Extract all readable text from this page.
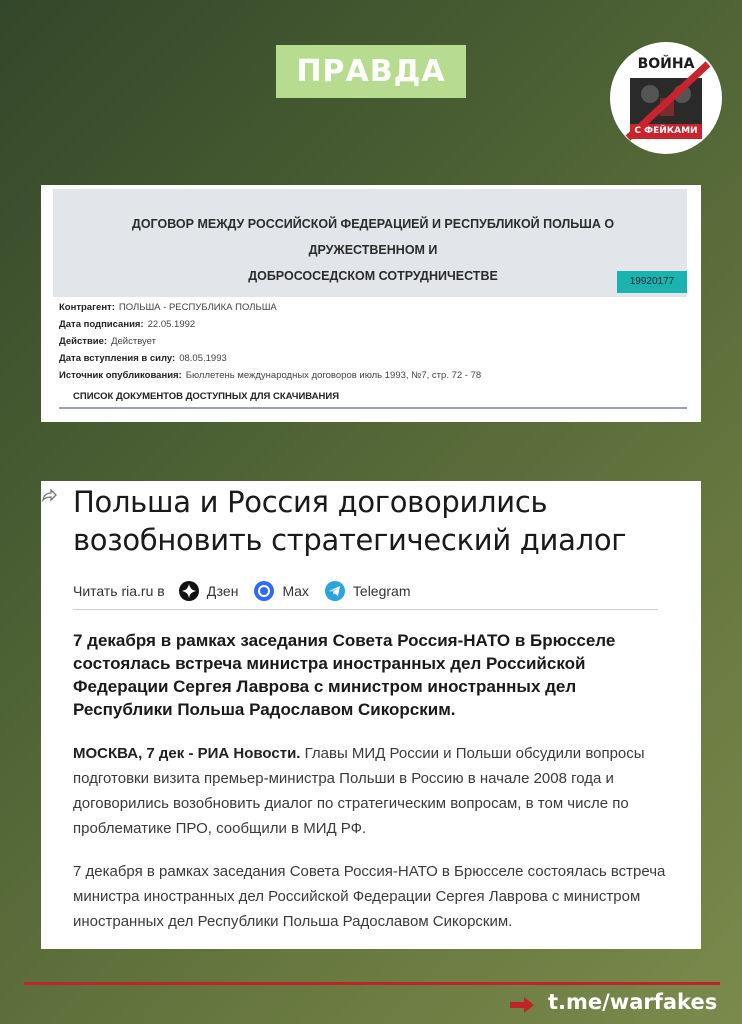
ПРАВДА	ВОЙНА
С ФЕЙКАМИ
ДОГОВОР МЕЖДУ РОССИЙСКОЙ ФЕДЕРАЦИЕЙ И РЕСПУБЛИКОЙ ПОЛЬША О ДРУЖЕСТВЕННОМ И
ДОБРОСОСЕДСКОМ СОТРУДНИЧЕСТВЕ	19920177
Контрагент: ПОЛЬША - РЕСПУБЛИКА ПОЛЬША
Дата подписания: 22.05.1992
Действие: Действует
Дата вступления в силу: 08.05.1993
Источник опубликования: Бюллетень международных договоров июль 1993, №7, стр. 72 - 78
СПИСОК ДОКУМЕНТОВ ДОСТУПНЫХ ДЛЯ СКАЧИВАНИЯ
Польша и Россия договорились возобновить стратегический диалог
Читать ria.ru в	Дзен	Max	Telegram
7 декабря в рамках заседания Совета Россия-НАТО в Брюсселе состоялась встреча министра иностранных дел Российской Федерации Сергея Лаврова с министром иностранных дел Республики Польша Радославом Сикорским.
МОСКВА, 7 дек - РИА Новости. Главы МИД России и Польши обсудили вопросы подготовки визита премьер-министра Польши в Россию в начале 2008 года и договорились возобновить диалог по стратегическим вопросам, в том числе по проблематике ПРО, сообщили в МИД РФ.
7 декабря в рамках заседания Совета Россия-НАТО в Брюсселе состоялась встреча министра иностранных дел Российской Федерации Сергея Лаврова с министром иностранных дел Республики Польша Радославом Сикорским.
t.me/warfakes
